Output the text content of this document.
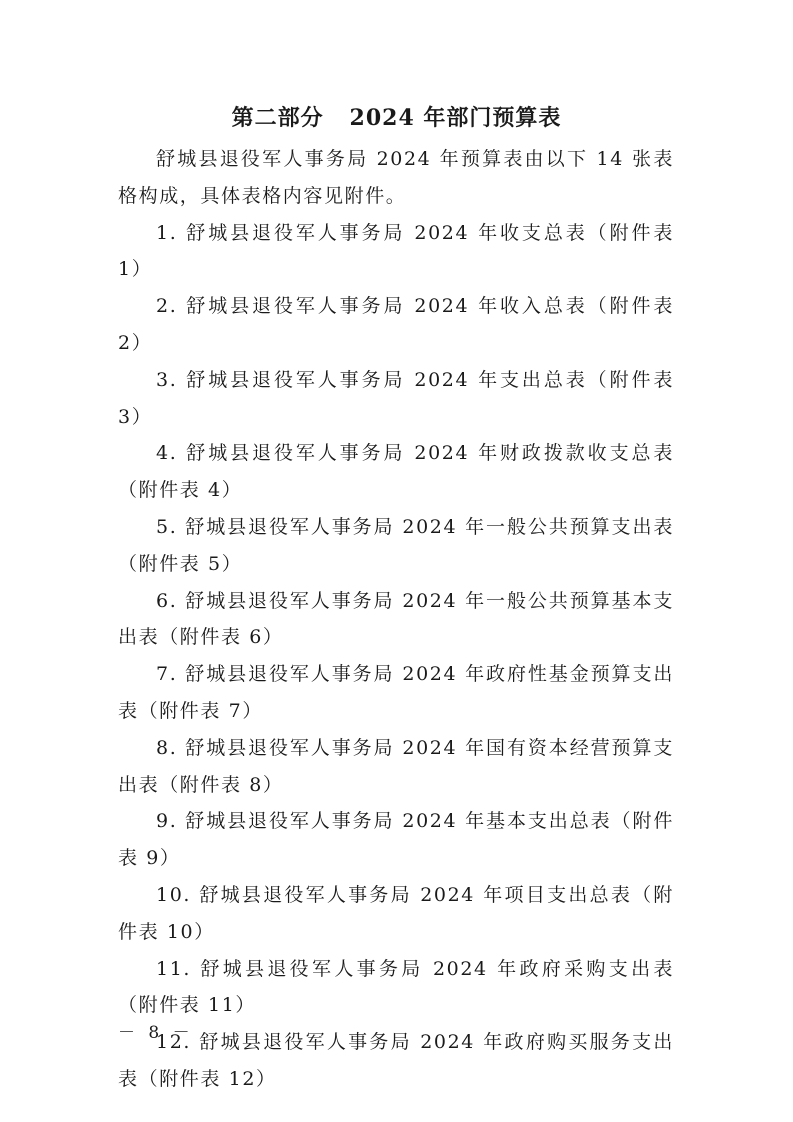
第二部分   2024 年部门预算表

舒城县退役军人事务局 2024 年预算表由以下 14 张表格构成，具体表格内容见附件。

1. 舒城县退役军人事务局 2024 年收支总表（附件表 1）

2. 舒城县退役军人事务局 2024 年收入总表（附件表 2）

3. 舒城县退役军人事务局 2024 年支出总表（附件表 3）

4. 舒城县退役军人事务局 2024 年财政拨款收支总表（附件表 4）

5. 舒城县退役军人事务局 2024 年一般公共预算支出表（附件表 5）

6. 舒城县退役军人事务局 2024 年一般公共预算基本支出表（附件表 6）

7. 舒城县退役军人事务局 2024 年政府性基金预算支出表（附件表 7）

8. 舒城县退役军人事务局 2024 年国有资本经营预算支出表（附件表 8）

9. 舒城县退役军人事务局 2024 年基本支出总表（附件表 9）

10. 舒城县退役军人事务局 2024 年项目支出总表（附件表 10）

11. 舒城县退役军人事务局 2024 年政府采购支出表（附件表 11）

12. 舒城县退役军人事务局 2024 年政府购买服务支出表（附件表 12）

－ 8 －
